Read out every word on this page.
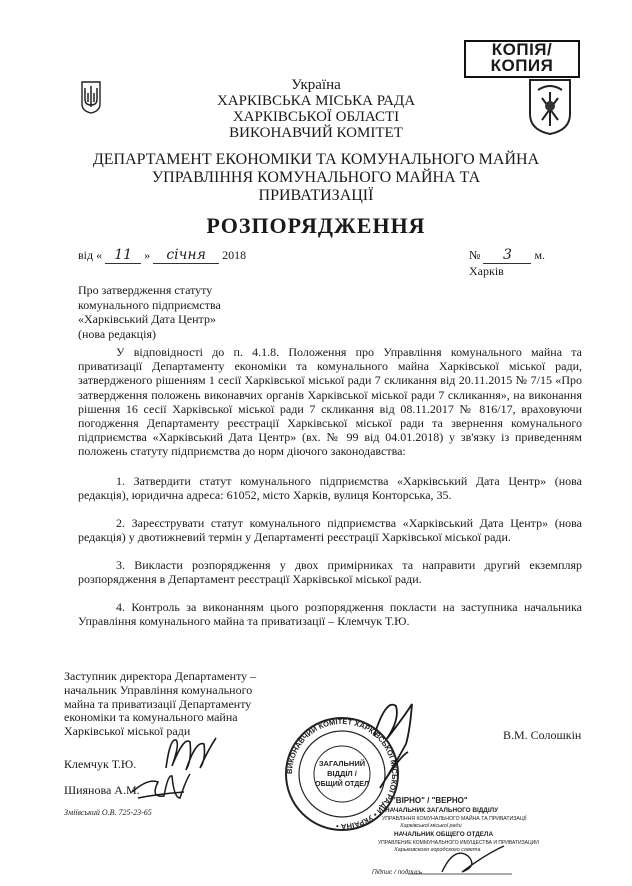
КОПІЯ/
КОПИЯ
Україна
ХАРКІВСЬКА МІСЬКА РАДА
ХАРКІВСЬКОЇ ОБЛАСТІ
ВИКОНАВЧИЙ КОМІТЕТ
ДЕПАРТАМЕНТ ЕКОНОМІКИ ТА КОМУНАЛЬНОГО МАЙНА
УПРАВЛІННЯ КОМУНАЛЬНОГО МАЙНА ТА
ПРИВАТИЗАЦІЇ
РОЗПОРЯДЖЕННЯ
від « 11 » січня 2018	№ 3 м. Харків
Про затвердження статуту
комунального підприємства
«Харківський Дата Центр»
(нова редакція)
У відповідності до п. 4.1.8. Положення про Управління комунального майна та приватизації Департаменту економіки та комунального майна Харківської міської ради, затвердженого рішенням 1 сесії Харківської міської ради 7 скликання від 20.11.2015 № 7/15 «Про затвердження положень виконавчих органів Харківської міської ради 7 скликання», на виконання рішення 16 сесії Харківської міської ради 7 скликання від 08.11.2017 № 816/17, враховуючи погодження Департаменту реєстрації Харківської міської ради та звернення комунального підприємства «Харківський Дата Центр» (вх. № 99 від 04.01.2018) у зв'язку із приведенням положень статуту підприємства до норм діючого законодавства:
1. Затвердити статут комунального підприємства «Харківський Дата Центр» (нова редакція), юридична адреса: 61052, місто Харків, вулиця Конторська, 35.
2. Зареєструвати статут комунального підприємства «Харківський Дата Центр» (нова редакція) у двотижневий термін у Департаменті реєстрації Харківської міської ради.
3. Викласти розпорядження у двох примірниках та направити другий екземпляр розпорядження в Департамент реєстрації Харківської міської ради.
4. Контроль за виконанням цього розпорядження покласти на заступника начальника Управління комунального майна та приватизації – Клемчук Т.Ю.
Заступник директора Департаменту –
начальник Управління комунального
майна та приватизації Департаменту
економіки та комунального майна
Харківської міської ради	В.М. Солошкін
Клемчук Т.Ю.
Шиянова А.М.
Зміївський О.В. 725-23-65
ВИКОНАВЧИЙ КОМІТЕТ ХАРКІВСЬКОЇ МІСЬКОЇ РАДИ • УКРАЇНА •
ЗАГАЛЬНИЙ
ВІДДІЛ /
ОБЩИЙ ОТДЕЛ
"ВІРНО" / "ВЕРНО"
НАЧАЛЬНИК ЗАГАЛЬНОГО ВІДДІЛУ
УПРАВЛІННЯ КОМУНАЛЬНОГО МАЙНА ТА ПРИВАТИЗАЦІЇ
Харківської міської ради
НАЧАЛЬНИК ОБЩЕГО ОТДЕЛА
УПРАВЛЕНИЕ КОММУНАЛЬНОГО ИМУЩЕСТВА И ПРИВАТИЗАЦИИ
Харьковского городского совета
Підпис / подпись
